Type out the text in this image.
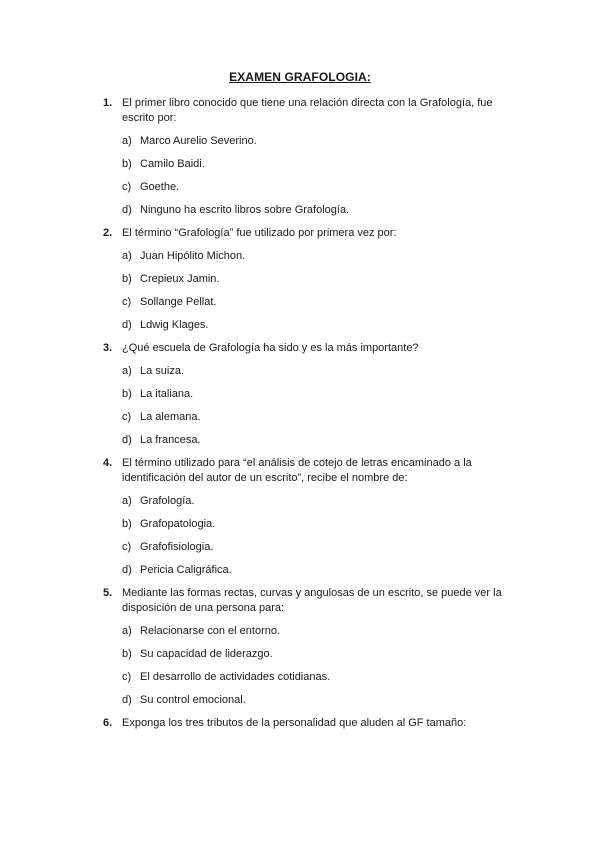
EXAMEN GRAFOLOGIA:
1. El primer libro conocido que tiene una relación directa con la Grafología, fue escrito por:
a) Marco Aurelio Severino.
b) Camilo Baidi.
c) Goethe.
d) Ninguno ha escrito libros sobre Grafología.
2. El término “Grafología” fue utilizado por primera vez por:
a) Juan Hipólito Michon.
b) Crepieux Jamin.
c) Sollange Pellat.
d) Ldwig Klages.
3. ¿Qué escuela de Grafología ha sido y es la más importante?
a) La suiza.
b) La italiana.
c) La alemana.
d) La francesa.
4. El término utilizado para “el análisis de cotejo de letras encaminado a la identificación del autor de un escrito”, recibe el nombre de:
a) Grafología.
b) Grafopatologia.
c) Grafofisiologia.
d) Pericia Caligráfica.
5. Mediante las formas rectas, curvas y angulosas de un escrito, se puede ver la disposición de una persona para:
a) Relacionarse con el entorno.
b) Su capacidad de liderazgo.
c) El desarrollo de actividades cotidianas.
d) Su control emocional.
6. Exponga los tres tributos de la personalidad que aluden al GF tamaño:
